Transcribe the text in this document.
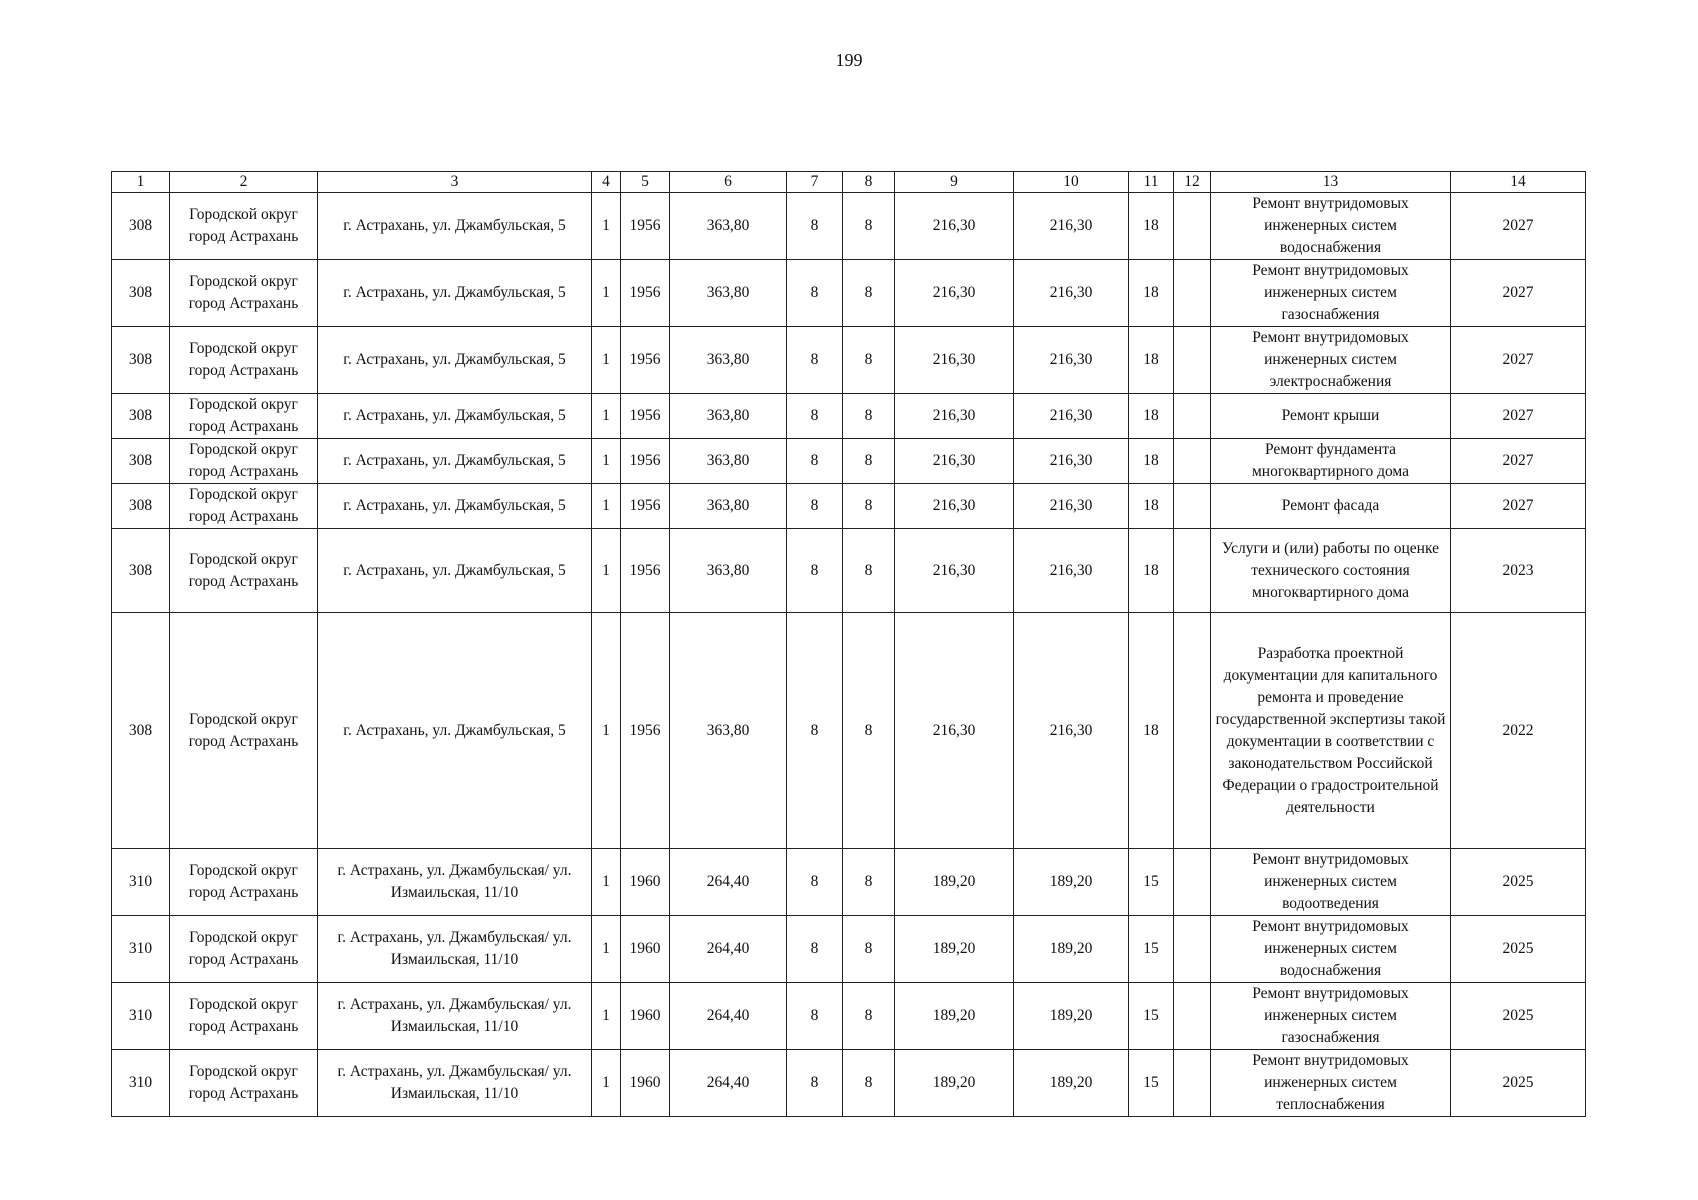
199
1	2	3	4	5	6	7	8	9	10	11	12	13	14
308	Городской округ город Астрахань	г. Астрахань, ул. Джамбульская, 5	1	1956	363,80	8	8	216,30	216,30	18		Ремонт внутридомовых инженерных систем водоснабжения	2027
308	Городской округ город Астрахань	г. Астрахань, ул. Джамбульская, 5	1	1956	363,80	8	8	216,30	216,30	18		Ремонт внутридомовых инженерных систем газоснабжения	2027
308	Городской округ город Астрахань	г. Астрахань, ул. Джамбульская, 5	1	1956	363,80	8	8	216,30	216,30	18		Ремонт внутридомовых инженерных систем электроснабжения	2027
308	Городской округ город Астрахань	г. Астрахань, ул. Джамбульская, 5	1	1956	363,80	8	8	216,30	216,30	18		Ремонт крыши	2027
308	Городской округ город Астрахань	г. Астрахань, ул. Джамбульская, 5	1	1956	363,80	8	8	216,30	216,30	18		Ремонт фундамента многоквартирного дома	2027
308	Городской округ город Астрахань	г. Астрахань, ул. Джамбульская, 5	1	1956	363,80	8	8	216,30	216,30	18		Ремонт фасада	2027
308	Городской округ город Астрахань	г. Астрахань, ул. Джамбульская, 5	1	1956	363,80	8	8	216,30	216,30	18		Услуги и (или) работы по оценке технического состояния многоквартирного дома	2023
308	Городской округ город Астрахань	г. Астрахань, ул. Джамбульская, 5	1	1956	363,80	8	8	216,30	216,30	18		Разработка проектной документации для капитального ремонта и проведение государственной экспертизы такой документации в соответствии с законодательством Российской Федерации о градостроительной деятельности	2022
310	Городской округ город Астрахань	г. Астрахань, ул. Джамбульская/ ул. Измаильская, 11/10	1	1960	264,40	8	8	189,20	189,20	15		Ремонт внутридомовых инженерных систем водоотведения	2025
310	Городской округ город Астрахань	г. Астрахань, ул. Джамбульская/ ул. Измаильская, 11/10	1	1960	264,40	8	8	189,20	189,20	15		Ремонт внутридомовых инженерных систем водоснабжения	2025
310	Городской округ город Астрахань	г. Астрахань, ул. Джамбульская/ ул. Измаильская, 11/10	1	1960	264,40	8	8	189,20	189,20	15		Ремонт внутридомовых инженерных систем газоснабжения	2025
310	Городской округ город Астрахань	г. Астрахань, ул. Джамбульская/ ул. Измаильская, 11/10	1	1960	264,40	8	8	189,20	189,20	15		Ремонт внутридомовых инженерных систем теплоснабжения	2025
